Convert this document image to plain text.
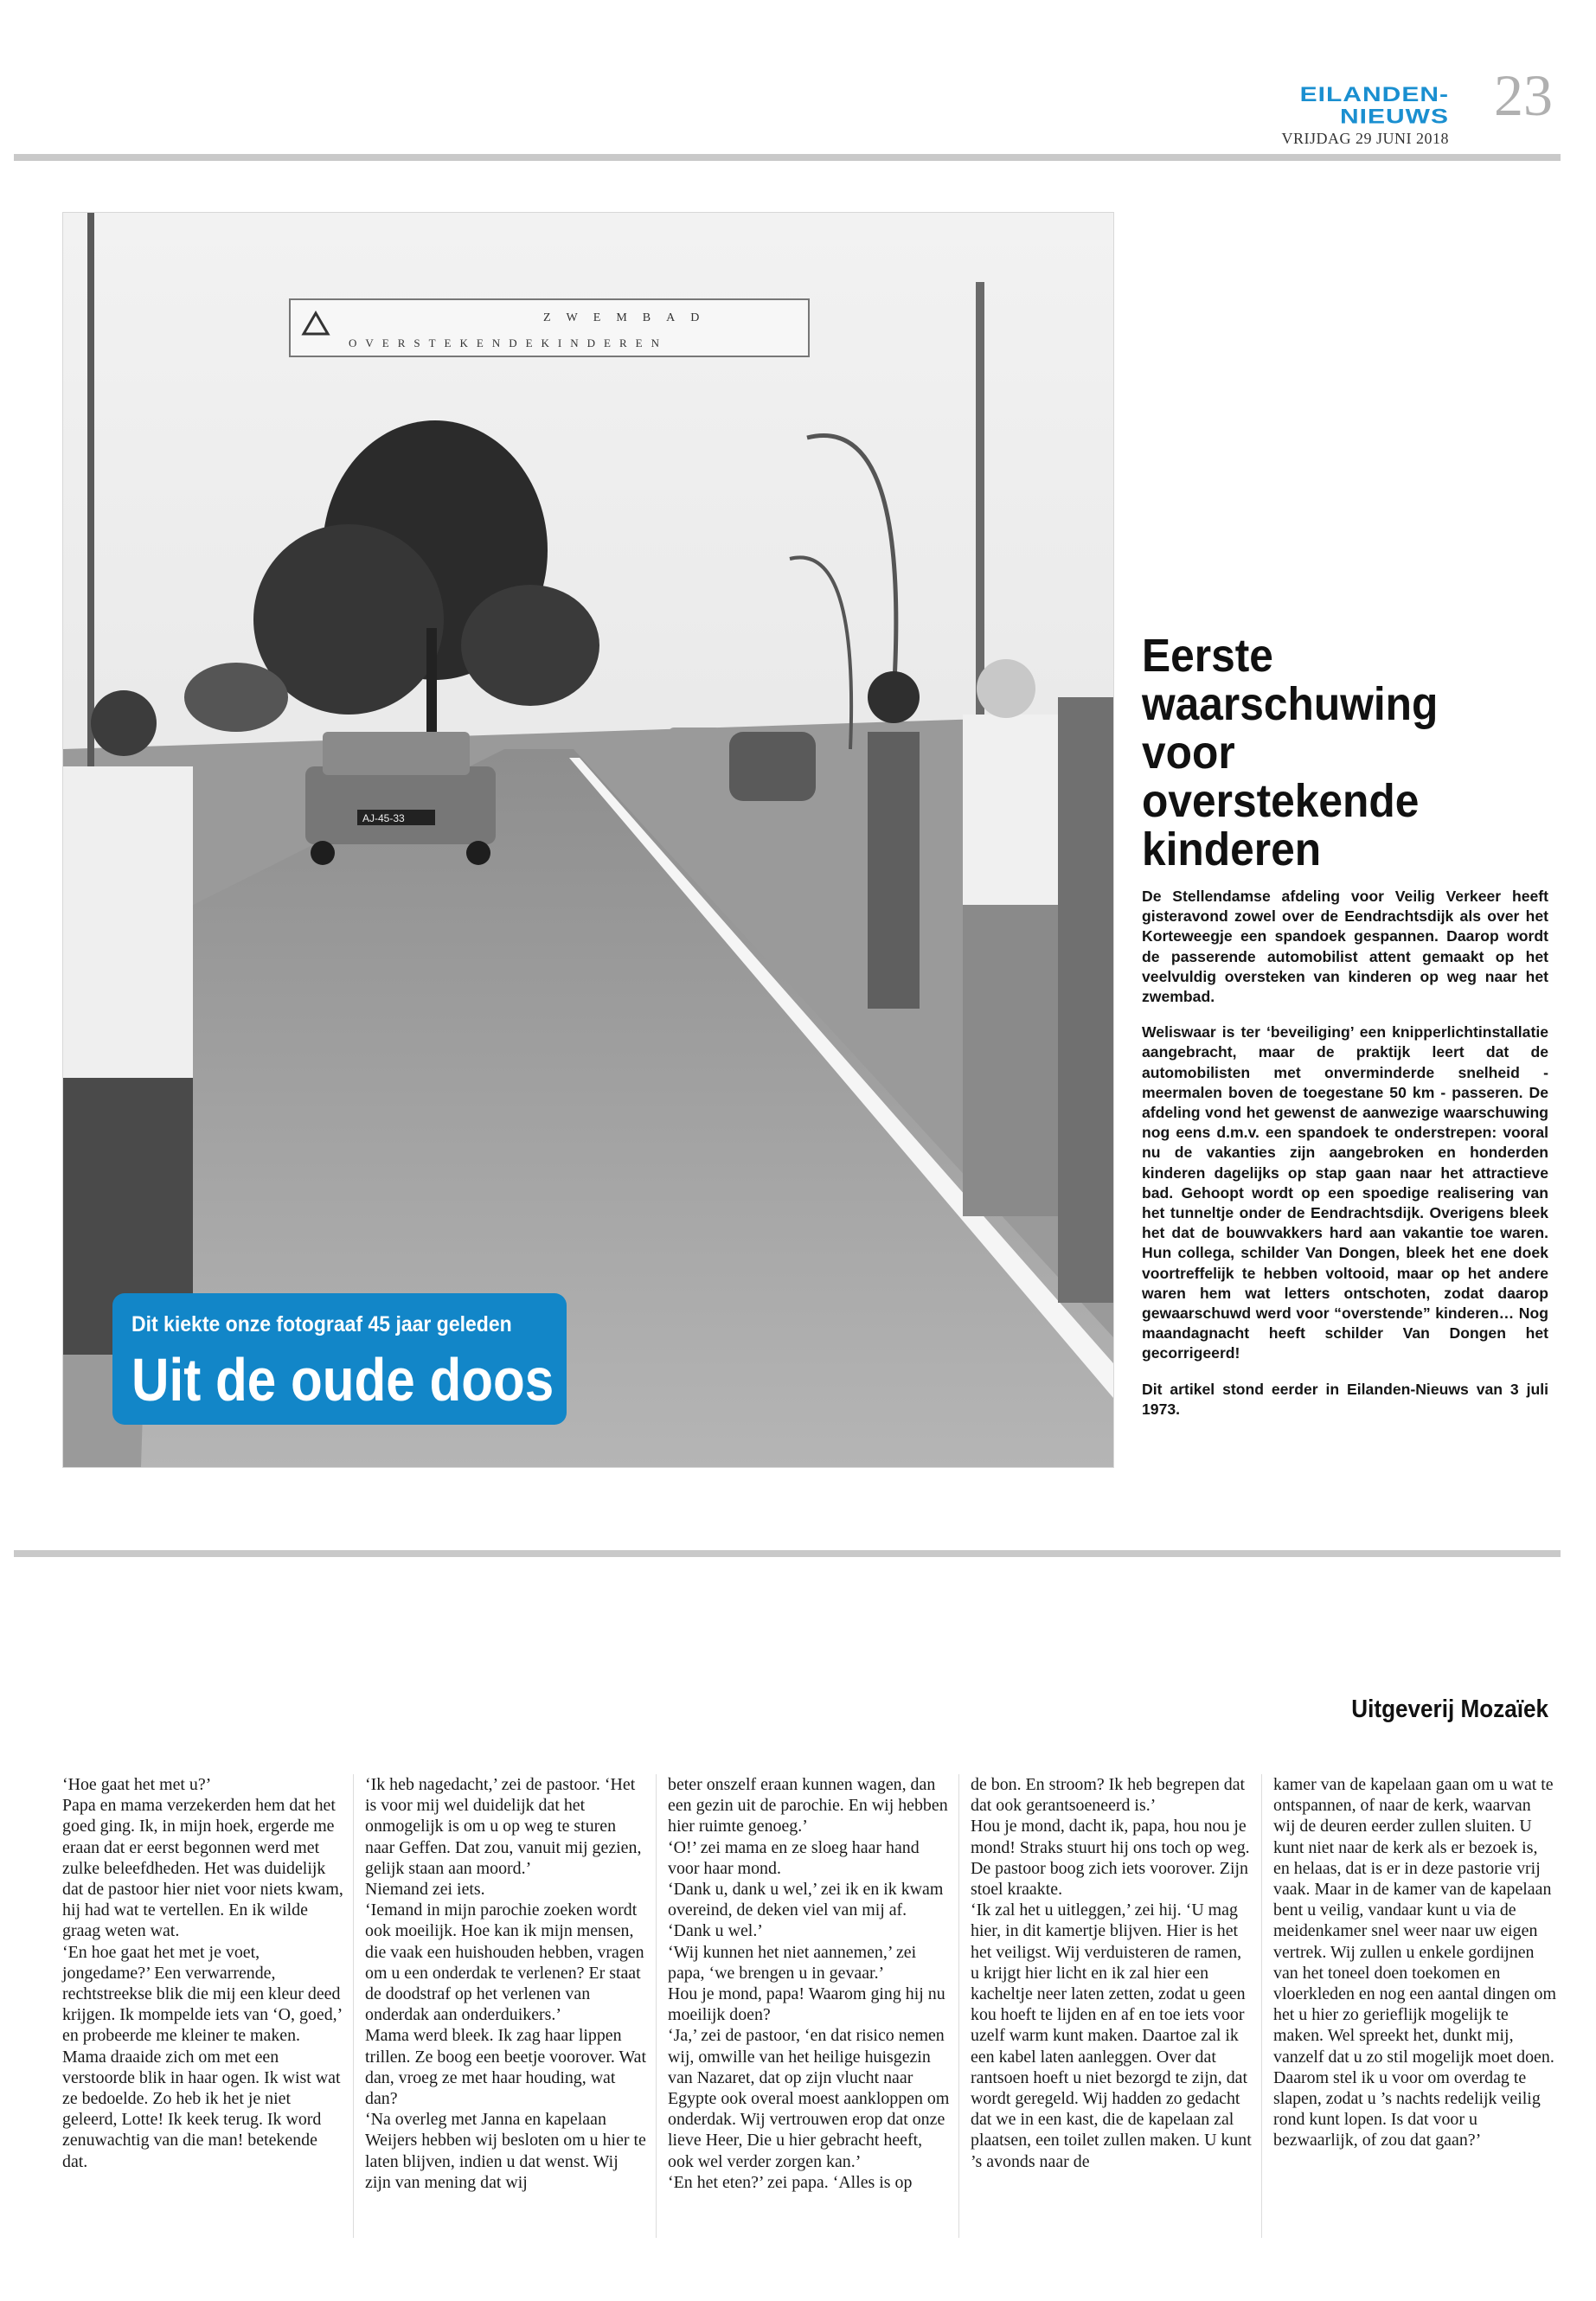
EILANDEN-NIEUWS
VRIJDAG 29 JUNI 2018
23
ZWEMBAD
OVERSTEKENDEKINDEREN
AJ-45-33
Dit kiekte onze fotograaf 45 jaar geleden
Uit de oude doos
Eerste waarschuwing voor overstekende kinderen

De Stellendamse afdeling voor Veilig Verkeer heeft gisteravond zowel over de Eendrachtsdijk als over het Korteweegje een spandoek gespannen. Daarop wordt de passerende automobilist attent gemaakt op het veelvuldig oversteken van kinderen op weg naar het zwembad.

Weliswaar is ter ‘beveiliging’ een knipperlichtinstallatie aangebracht, maar de praktijk leert dat de automobilisten met onverminderde snelheid - meermalen boven de toegestane 50 km - passeren. De afdeling vond het gewenst de aanwezige waarschuwing nog eens d.m.v. een spandoek te onderstrepen: vooral nu de vakanties zijn aangebroken en honderden kinderen dagelijks op stap gaan naar het attractieve bad. Gehoopt wordt op een spoedige realisering van het tunneltje onder de Eendrachtsdijk. Overigens bleek het dat de bouwvakkers hard aan vakantie toe waren. Hun collega, schilder Van Dongen, bleek het ene doek voortreffelijk te hebben voltooid, maar op het andere waren hem wat letters ontschoten, zodat daarop gewaarschuwd werd voor “overstende” kinderen… Nog maandagnacht heeft schilder Van Dongen het gecorrigeerd!

Dit artikel stond eerder in Eilanden-Nieuws van 3 juli 1973.

Uitgeverij Mozaïek

‘Hoe gaat het met u?’

Papa en mama verzekerden hem dat het goed ging. Ik, in mijn hoek, ergerde me eraan dat er eerst begonnen werd met zulke beleefdheden. Het was duidelijk dat de pastoor hier niet voor niets kwam, hij had wat te vertellen. En ik wilde graag weten wat.

‘En hoe gaat het met je voet, jongedame?’ Een verwarrende, rechtstreekse blik die mij een kleur deed krijgen. Ik mompelde iets van ‘O, goed,’ en probeerde me kleiner te maken.

Mama draaide zich om met een verstoorde blik in haar ogen. Ik wist wat ze bedoelde. Zo heb ik het je niet geleerd, Lotte! Ik keek terug. Ik word zenuwachtig van die man! betekende dat.

‘Ik heb nagedacht,’ zei de pastoor. ‘Het is voor mij wel duidelijk dat het onmogelijk is om u op weg te sturen naar Geffen. Dat zou, vanuit mij gezien, gelijk staan aan moord.’

Niemand zei iets.

‘Iemand in mijn parochie zoeken wordt ook moeilijk. Hoe kan ik mijn mensen, die vaak een huishouden hebben, vragen om u een onderdak te verlenen? Er staat de doodstraf op het verlenen van onderdak aan onderduikers.’

Mama werd bleek. Ik zag haar lippen trillen. Ze boog een beetje voorover. Wat dan, vroeg ze met haar houding, wat dan?

‘Na overleg met Janna en kapelaan Weijers hebben wij besloten om u hier te laten blijven, indien u dat wenst. Wij zijn van mening dat wij

beter onszelf eraan kunnen wagen, dan een gezin uit de parochie. En wij hebben hier ruimte genoeg.’

‘O!’ zei mama en ze sloeg haar hand voor haar mond.

‘Dank u, dank u wel,’ zei ik en ik kwam overeind, de deken viel van mij af. ‘Dank u wel.’

‘Wij kunnen het niet aannemen,’ zei papa, ‘we brengen u in gevaar.’

Hou je mond, papa! Waarom ging hij nu moeilijk doen?

‘Ja,’ zei de pastoor, ‘en dat risico nemen wij, omwille van het heilige huisgezin van Nazaret, dat op zijn vlucht naar Egypte ook overal moest aankloppen om onderdak. Wij vertrouwen erop dat onze lieve Heer, Die u hier gebracht heeft, ook wel verder zorgen kan.’

‘En het eten?’ zei papa. ‘Alles is op

de bon. En stroom? Ik heb begrepen dat dat ook gerantsoeneerd is.’

Hou je mond, dacht ik, papa, hou nou je mond! Straks stuurt hij ons toch op weg.

De pastoor boog zich iets voorover. Zijn stoel kraakte.

‘Ik zal het u uitleggen,’ zei hij. ‘U mag hier, in dit kamertje blijven. Hier is het het veiligst. Wij verduisteren de ramen, u krijgt hier licht en ik zal hier een kacheltje neer laten zetten, zodat u geen kou hoeft te lijden en af en toe iets voor uzelf warm kunt maken. Daartoe zal ik een kabel laten aanleggen. Over dat rantsoen hoeft u niet bezorgd te zijn, dat wordt geregeld. Wij hadden zo gedacht dat we in een kast, die de kapelaan zal plaatsen, een toilet zullen maken. U kunt ’s avonds naar de

kamer van de kapelaan gaan om u wat te ontspannen, of naar de kerk, waarvan wij de deuren eerder zullen sluiten. U kunt niet naar de kerk als er bezoek is, en helaas, dat is er in deze pastorie vrij vaak. Maar in de kamer van de kapelaan bent u veilig, vandaar kunt u via de meidenkamer snel weer naar uw eigen vertrek. Wij zullen u enkele gordijnen van het toneel doen toekomen en vloerkleden en nog een aantal dingen om het u hier zo gerieflijk mogelijk te maken. Wel spreekt het, dunkt mij, vanzelf dat u zo stil mogelijk moet doen. Daarom stel ik u voor om overdag te slapen, zodat u ’s nachts redelijk veilig rond kunt lopen. Is dat voor u bezwaarlijk, of zou dat gaan?’
